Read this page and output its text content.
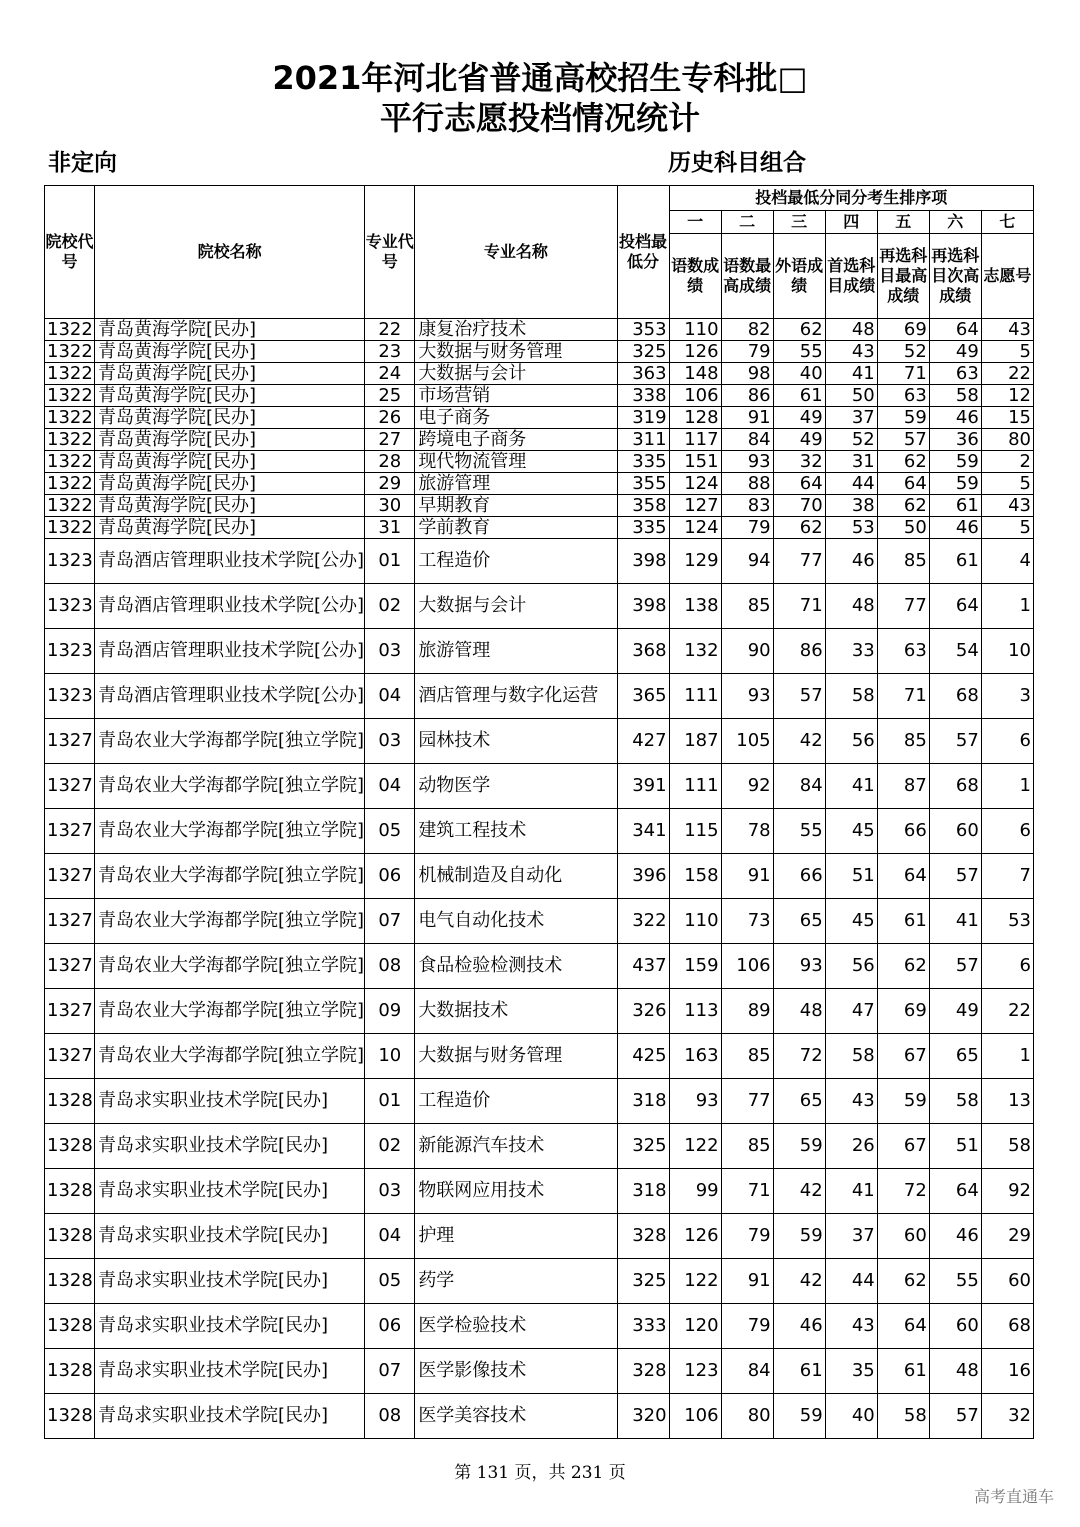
2021年河北省普通高校招生专科批□
平行志愿投档情况统计
非定向	历史科目组合
院校代号	院校名称	专业代号	专业名称	投档最低分	投档最低分同分考生排序项						
					一	二	三	四	五	六	七
					语数成绩	语数最高成绩	外语成绩	首选科目成绩	再选科目最高成绩	再选科目次高成绩	志愿号
1322	青岛黄海学院[民办]	22	康复治疗技术	353	110	82	62	48	69	64	43
1322	青岛黄海学院[民办]	23	大数据与财务管理	325	126	79	55	43	52	49	5
1322	青岛黄海学院[民办]	24	大数据与会计	363	148	98	40	41	71	63	22
1322	青岛黄海学院[民办]	25	市场营销	338	106	86	61	50	63	58	12
1322	青岛黄海学院[民办]	26	电子商务	319	128	91	49	37	59	46	15
1322	青岛黄海学院[民办]	27	跨境电子商务	311	117	84	49	52	57	36	80
1322	青岛黄海学院[民办]	28	现代物流管理	335	151	93	32	31	62	59	2
1322	青岛黄海学院[民办]	29	旅游管理	355	124	88	64	44	64	59	5
1322	青岛黄海学院[民办]	30	早期教育	358	127	83	70	38	62	61	43
1322	青岛黄海学院[民办]	31	学前教育	335	124	79	62	53	50	46	5
1323	青岛酒店管理职业技术学院[公办]	01	工程造价	398	129	94	77	46	85	61	4
1323	青岛酒店管理职业技术学院[公办]	02	大数据与会计	398	138	85	71	48	77	64	1
1323	青岛酒店管理职业技术学院[公办]	03	旅游管理	368	132	90	86	33	63	54	10
1323	青岛酒店管理职业技术学院[公办]	04	酒店管理与数字化运营	365	111	93	57	58	71	68	3
1327	青岛农业大学海都学院[独立学院]	03	园林技术	427	187	105	42	56	85	57	6
1327	青岛农业大学海都学院[独立学院]	04	动物医学	391	111	92	84	41	87	68	1
1327	青岛农业大学海都学院[独立学院]	05	建筑工程技术	341	115	78	55	45	66	60	6
1327	青岛农业大学海都学院[独立学院]	06	机械制造及自动化	396	158	91	66	51	64	57	7
1327	青岛农业大学海都学院[独立学院]	07	电气自动化技术	322	110	73	65	45	61	41	53
1327	青岛农业大学海都学院[独立学院]	08	食品检验检测技术	437	159	106	93	56	62	57	6
1327	青岛农业大学海都学院[独立学院]	09	大数据技术	326	113	89	48	47	69	49	22
1327	青岛农业大学海都学院[独立学院]	10	大数据与财务管理	425	163	85	72	58	67	65	1
1328	青岛求实职业技术学院[民办]	01	工程造价	318	93	77	65	43	59	58	13
1328	青岛求实职业技术学院[民办]	02	新能源汽车技术	325	122	85	59	26	67	51	58
1328	青岛求实职业技术学院[民办]	03	物联网应用技术	318	99	71	42	41	72	64	92
1328	青岛求实职业技术学院[民办]	04	护理	328	126	79	59	37	60	46	29
1328	青岛求实职业技术学院[民办]	05	药学	325	122	91	42	44	62	55	60
1328	青岛求实职业技术学院[民办]	06	医学检验技术	333	120	79	46	43	64	60	68
1328	青岛求实职业技术学院[民办]	07	医学影像技术	328	123	84	61	35	61	48	16
1328	青岛求实职业技术学院[民办]	08	医学美容技术	320	106	80	59	40	58	57	32
第 131 页，共 231 页
高考直通车
